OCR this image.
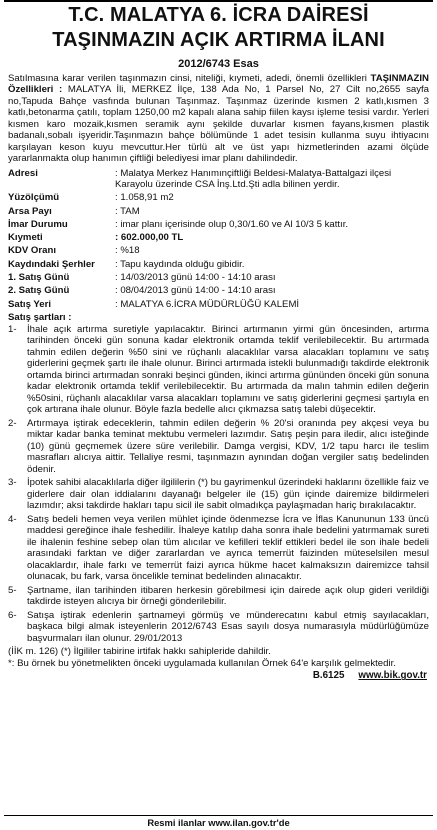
T.C. MALATYA 6. İCRA DAİRESİ
TAŞINMAZIN AÇIK ARTIRMA İLANI
2012/6743 Esas
Satılmasına karar verilen taşınmazın cinsi, niteliği, kıymeti, adedi, önemli özellikleri TAŞINMAZIN Özellikleri : MALATYA İli, MERKEZ İlçe, 138 Ada No, 1 Parsel No, 27 Cilt no,2655 sayfa no,Tapuda Bahçe vasfında bulunan Taşınmaz. Taşınmaz üzerinde kısmen 2 katlı,kısmen 3 katlı,betonarma çatılı, toplam 1250,00 m2 kapalı alana sahip fiilen kaysı işleme tesisi vardır. Yerleri kısmen karo mozaik,kısmen seramik aynı şekilde duvarlar kısmen fayans,kısmen plastik badanalı,sobalı işyeridir.Taşınmazın bahçe bölümünde 1 adet tesisin kullanma suyu ihtiyacını karşılayan keson kuyu mevcuttur.Her türlü alt ve üst yapı hizmetlerinden azami ölçüde yararlanmakta olup hanımın çiftliği belediyesi imar planı dahilindedir.
Adresi	: Malatya Merkez Hanımınçiftliği Beldesi-Malatya-Battalgazi ilçesi Karayolu üzerinde CSA İnş.Ltd.Şti adla bilinen yerdir.
Yüzölçümü	: 1.058,91 m2
Arsa Payı	: TAM
İmar Durumu	: imar planı içerisinde olup 0,30/1.60 ve Al 10/3 5 kattır.
Kıymeti	: 602.000,00 TL
KDV Oranı	: %18
Kaydındaki Şerhler	: Tapu kaydında olduğu gibidir.
1. Satış Günü	: 14/03/2013 günü 14:00 - 14:10 arası
2. Satış Günü	: 08/04/2013 günü 14:00 - 14:10 arası
Satış Yeri	: MALATYA 6.İCRA MÜDÜRLÜĞÜ KALEMİ
Satış şartları :
1-	İhale açık artırma suretiyle yapılacaktır. Birinci artırmanın yirmi gün öncesinden, artırma tarihinden önceki gün sonuna kadar elektronik ortamda teklif verilebilecektir. Bu artırmada tahmin edilen değerin %50 sini ve rüçhanlı alacaklılar varsa alacakları toplamını ve satış giderlerini geçmek şartı ile ihale olunur. Birinci artırmada istekli bulunmadığı takdirde elektronik ortamda birinci artırmadan sonraki beşinci günden, ikinci artırma gününden önceki gün sonuna kadar elektronik ortamda teklif verilebilecektir. Bu artırmada da malın tahmin edilen değerin %50sini, rüçhanlı alacaklılar varsa alacakları toplamını ve satış giderlerini geçmesi şartıyla en çok artırana ihale olunur. Böyle fazla bedelle alıcı çıkmazsa satış talebi düşecektir.
2-	Artırmaya iştirak edeceklerin, tahmin edilen değerin % 20'si oranında pey akçesi veya bu miktar kadar banka teminat mektubu vermeleri lazımdır. Satış peşin para iledir, alıcı isteğinde (10) günü geçmemek üzere süre verilebilir. Damga vergisi, KDV, 1/2 tapu harcı ile teslim masrafları alıcıya aittir. Tellaliye resmi, taşınmazın aynından doğan vergiler satış bedelinden ödenir.
3-	İpotek sahibi alacaklılarla diğer ilgililerin (*) bu gayrimenkul üzerindeki haklarını özellikle faiz ve giderlere dair olan iddialarını dayanağı belgeler ile (15) gün içinde dairemize bildirmeleri lazımdır; aksi takdirde hakları tapu sicil ile sabit olmadıkça paylaşmadan hariç bırakılacaktır.
4-	Satış bedeli hemen veya verilen mühlet içinde ödenmezse İcra ve İflas Kanununun 133 üncü maddesi gereğince ihale feshedilir. İhaleye katılıp daha sonra ihale bedelini yatırmamak sureti ile ihalenin feshine sebep olan tüm alıcılar ve kefilleri teklif ettikleri bedel ile son ihale bedeli arasındaki farktan ve diğer zararlardan ve ayrıca temerrüt faizinden müteselsilen mesul olacaklardır, ihale farkı ve temerrüt faizi ayrıca hükme hacet kalmaksızın dairemizce tahsil olunacak, bu fark, varsa öncelikle teminat bedelinden alınacaktır.
5-	Şartname, ilan tarihinden itibaren herkesin görebilmesi için dairede açık olup gideri verildiği takdirde isteyen alıcıya bir örneği gönderilebilir.
6-	Satışa iştirak edenlerin şartnameyi görmüş ve münderecatını kabul etmiş sayılacakları, başkaca bilgi almak isteyenlerin 2012/6743 Esas sayılı dosya numarasıyla müdürlüğümüze başvurmaları ilan olunur. 29/01/2013
(İİK m. 126) (*) İlgililer tabirine irtifak hakkı sahipleride dahildir.
*: Bu örnek bu yönetmelikten önceki uygulamada kullanılan Örnek 64'e karşılık gelmektedir.
B.6125 www.bik.gov.tr
Resmi ilanlar www.ilan.gov.tr'de
